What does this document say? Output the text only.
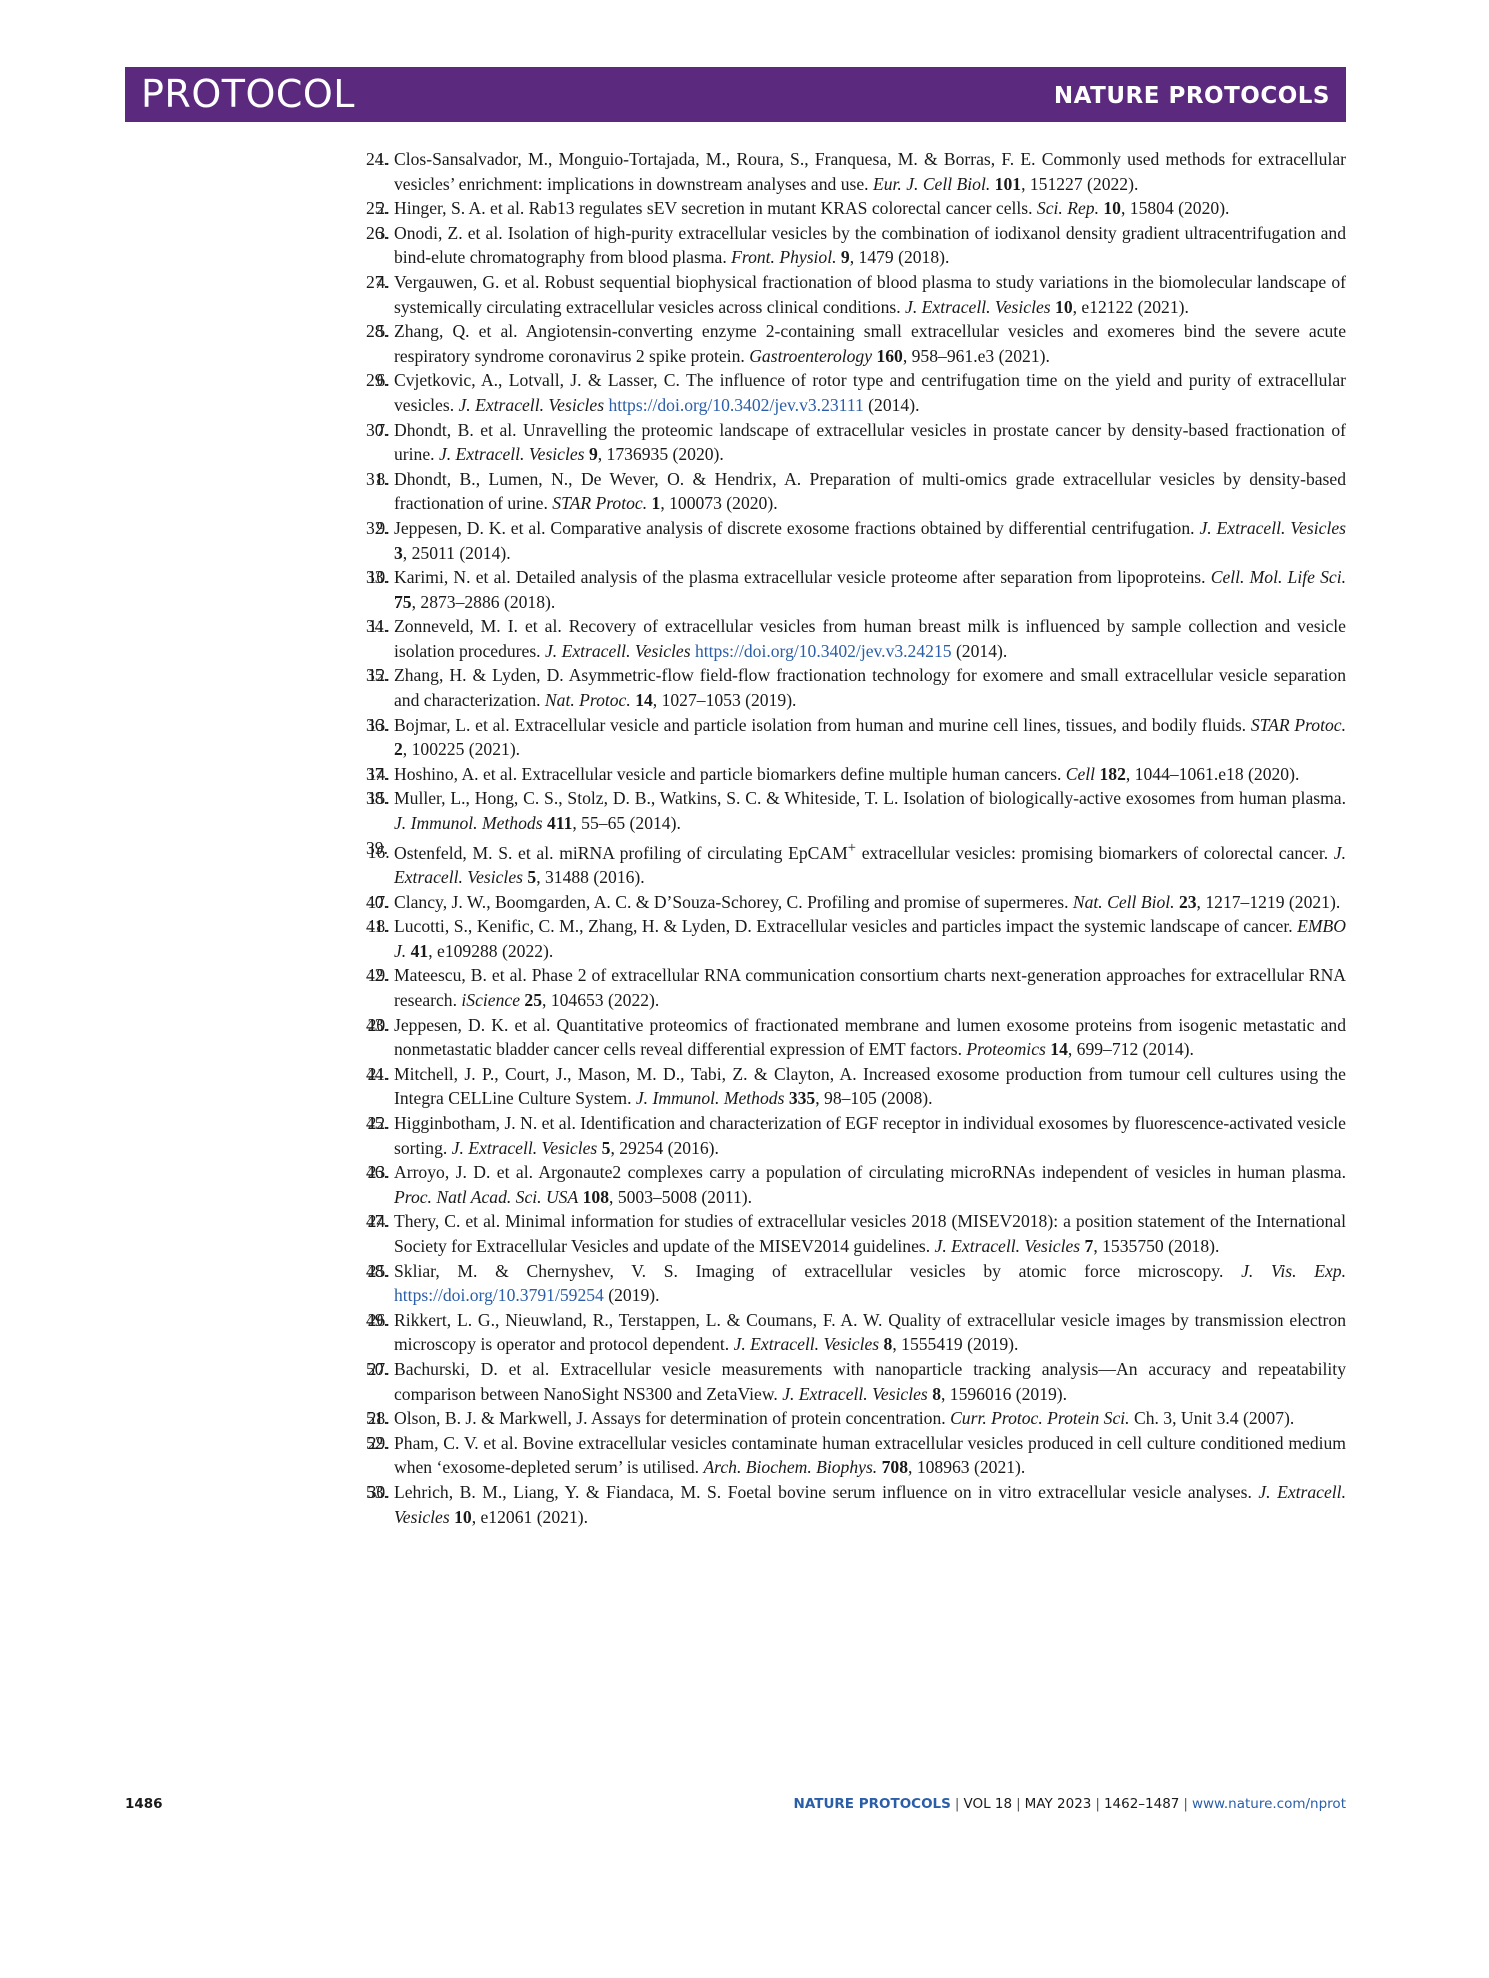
PROTOCOL	NATURE PROTOCOLS
1. 24. Clos-Sansalvador, M., Monguio-Tortajada, M., Roura, S., Franquesa, M. & Borras, F. E. Commonly used methods for extracellular vesicles’ enrichment: implications in downstream analyses and use. Eur. J. Cell Biol. 101, 151227 (2022).
2. 25. Hinger, S. A. et al. Rab13 regulates sEV secretion in mutant KRAS colorectal cancer cells. Sci. Rep. 10, 15804 (2020).
3. 26. Onodi, Z. et al. Isolation of high-purity extracellular vesicles by the combination of iodixanol density gradient ultracentrifugation and bind-elute chromatography from blood plasma. Front. Physiol. 9, 1479 (2018).
4. 27. Vergauwen, G. et al. Robust sequential biophysical fractionation of blood plasma to study variations in the biomolecular landscape of systemically circulating extracellular vesicles across clinical conditions. J. Extracell. Vesicles 10, e12122 (2021).
5. 28. Zhang, Q. et al. Angiotensin-converting enzyme 2-containing small extracellular vesicles and exomeres bind the severe acute respiratory syndrome coronavirus 2 spike protein. Gastroenterology 160, 958–961.e3 (2021).
6. 29. Cvjetkovic, A., Lotvall, J. & Lasser, C. The influence of rotor type and centrifugation time on the yield and purity of extracellular vesicles. J. Extracell. Vesicles https://doi.org/10.3402/jev.v3.23111 (2014).
7. 30. Dhondt, B. et al. Unravelling the proteomic landscape of extracellular vesicles in prostate cancer by density-based fractionation of urine. J. Extracell. Vesicles 9, 1736935 (2020).
8. 31. Dhondt, B., Lumen, N., De Wever, O. & Hendrix, A. Preparation of multi-omics grade extracellular vesicles by density-based fractionation of urine. STAR Protoc. 1, 100073 (2020).
9. 32. Jeppesen, D. K. et al. Comparative analysis of discrete exosome fractions obtained by differential centrifugation. J. Extracell. Vesicles 3, 25011 (2014).
10. 33. Karimi, N. et al. Detailed analysis of the plasma extracellular vesicle proteome after separation from lipoproteins. Cell. Mol. Life Sci. 75, 2873–2886 (2018).
11. 34. Zonneveld, M. I. et al. Recovery of extracellular vesicles from human breast milk is influenced by sample collection and vesicle isolation procedures. J. Extracell. Vesicles https://doi.org/10.3402/jev.v3.24215 (2014).
12. 35. Zhang, H. & Lyden, D. Asymmetric-flow field-flow fractionation technology for exomere and small extracellular vesicle separation and characterization. Nat. Protoc. 14, 1027–1053 (2019).
13. 36. Bojmar, L. et al. Extracellular vesicle and particle isolation from human and murine cell lines, tissues, and bodily fluids. STAR Protoc. 2, 100225 (2021).
14. 37. Hoshino, A. et al. Extracellular vesicle and particle biomarkers define multiple human cancers. Cell 182, 1044–1061.e18 (2020).
15. 38. Muller, L., Hong, C. S., Stolz, D. B., Watkins, S. C. & Whiteside, T. L. Isolation of biologically-active exosomes from human plasma. J. Immunol. Methods 411, 55–65 (2014).
16. 39. Ostenfeld, M. S. et al. miRNA profiling of circulating EpCAM+ extracellular vesicles: promising biomarkers of colorectal cancer. J. Extracell. Vesicles 5, 31488 (2016).
17. 40. Clancy, J. W., Boomgarden, A. C. & D’Souza-Schorey, C. Profiling and promise of supermeres. Nat. Cell Biol. 23, 1217–1219 (2021).
18. 41. Lucotti, S., Kenific, C. M., Zhang, H. & Lyden, D. Extracellular vesicles and particles impact the systemic landscape of cancer. EMBO J. 41, e109288 (2022).
19. 42. Mateescu, B. et al. Phase 2 of extracellular RNA communication consortium charts next-generation approaches for extracellular RNA research. iScience 25, 104653 (2022).
20. 43. Jeppesen, D. K. et al. Quantitative proteomics of fractionated membrane and lumen exosome proteins from isogenic metastatic and nonmetastatic bladder cancer cells reveal differential expression of EMT factors. Proteomics 14, 699–712 (2014).
21. 44. Mitchell, J. P., Court, J., Mason, M. D., Tabi, Z. & Clayton, A. Increased exosome production from tumour cell cultures using the Integra CELLine Culture System. J. Immunol. Methods 335, 98–105 (2008).
22. 45. Higginbotham, J. N. et al. Identification and characterization of EGF receptor in individual exosomes by fluorescence-activated vesicle sorting. J. Extracell. Vesicles 5, 29254 (2016).
23. 46. Arroyo, J. D. et al. Argonaute2 complexes carry a population of circulating microRNAs independent of vesicles in human plasma. Proc. Natl Acad. Sci. USA 108, 5003–5008 (2011).
24. 47. Thery, C. et al. Minimal information for studies of extracellular vesicles 2018 (MISEV2018): a position statement of the International Society for Extracellular Vesicles and update of the MISEV2014 guidelines. J. Extracell. Vesicles 7, 1535750 (2018).
25. 48. Skliar, M. & Chernyshev, V. S. Imaging of extracellular vesicles by atomic force microscopy. J. Vis. Exp. https://doi.org/10.3791/59254 (2019).
26. 49. Rikkert, L. G., Nieuwland, R., Terstappen, L. & Coumans, F. A. W. Quality of extracellular vesicle images by transmission electron microscopy is operator and protocol dependent. J. Extracell. Vesicles 8, 1555419 (2019).
27. 50. Bachurski, D. et al. Extracellular vesicle measurements with nanoparticle tracking analysis—An accuracy and repeatability comparison between NanoSight NS300 and ZetaView. J. Extracell. Vesicles 8, 1596016 (2019).
28. 51. Olson, B. J. & Markwell, J. Assays for determination of protein concentration. Curr. Protoc. Protein Sci. Ch. 3, Unit 3.4 (2007).
29. 52. Pham, C. V. et al. Bovine extracellular vesicles contaminate human extracellular vesicles produced in cell culture conditioned medium when ‘exosome-depleted serum’ is utilised. Arch. Biochem. Biophys. 708, 108963 (2021).
30. 53. Lehrich, B. M., Liang, Y. & Fiandaca, M. S. Foetal bovine serum influence on in vitro extracellular vesicle analyses. J. Extracell. Vesicles 10, e12061 (2021).
1486	NATURE PROTOCOLS | VOL 18 | MAY 2023 | 1462–1487 | www.nature.com/nprot
